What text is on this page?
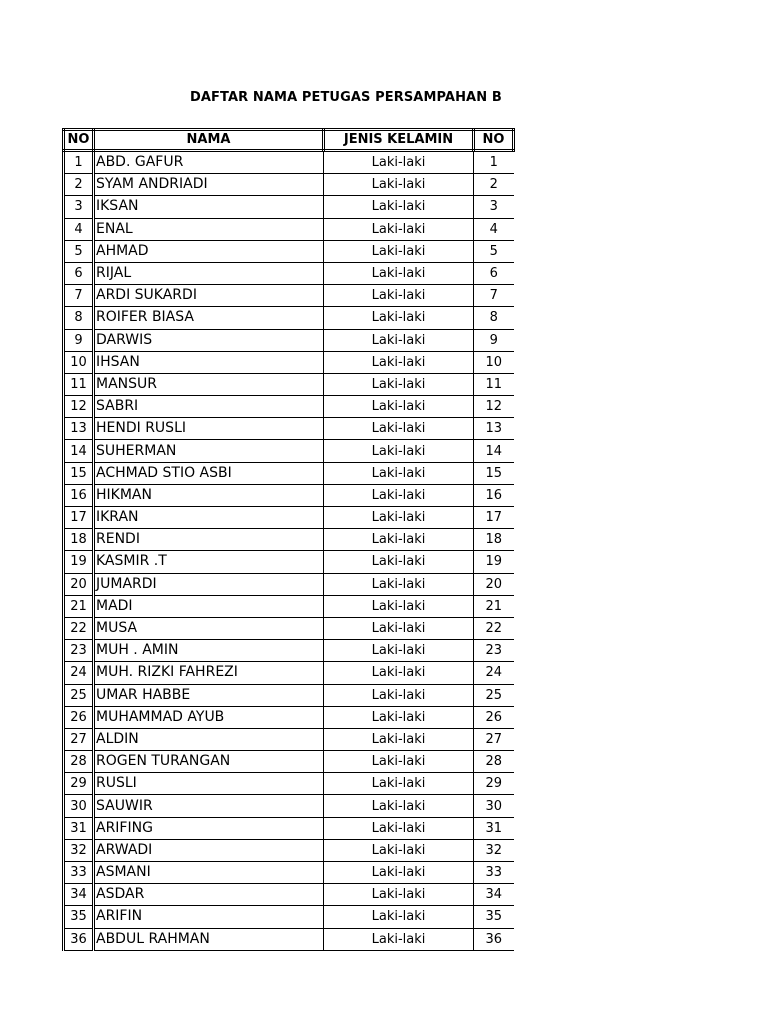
DAFTAR NAMA PETUGAS PERSAMPAHAN B
NO	NAMA	JENIS KELAMIN	NO
1	ABD. GAFUR	Laki-laki	1
2	SYAM ANDRIADI	Laki-laki	2
3	IKSAN	Laki-laki	3
4	ENAL	Laki-laki	4
5	AHMAD	Laki-laki	5
6	RIJAL	Laki-laki	6
7	ARDI SUKARDI	Laki-laki	7
8	ROIFER BIASA	Laki-laki	8
9	DARWIS	Laki-laki	9
10	IHSAN	Laki-laki	10
11	MANSUR	Laki-laki	11
12	SABRI	Laki-laki	12
13	HENDI RUSLI	Laki-laki	13
14	SUHERMAN	Laki-laki	14
15	ACHMAD STIO ASBI	Laki-laki	15
16	HIKMAN	Laki-laki	16
17	IKRAN	Laki-laki	17
18	RENDI	Laki-laki	18
19	KASMIR .T	Laki-laki	19
20	JUMARDI	Laki-laki	20
21	MADI	Laki-laki	21
22	MUSA	Laki-laki	22
23	MUH . AMIN	Laki-laki	23
24	MUH. RIZKI FAHREZI	Laki-laki	24
25	UMAR HABBE	Laki-laki	25
26	MUHAMMAD AYUB	Laki-laki	26
27	ALDIN	Laki-laki	27
28	ROGEN TURANGAN	Laki-laki	28
29	RUSLI	Laki-laki	29
30	SAUWIR	Laki-laki	30
31	ARIFING	Laki-laki	31
32	ARWADI	Laki-laki	32
33	ASMANI	Laki-laki	33
34	ASDAR	Laki-laki	34
35	ARIFIN	Laki-laki	35
36	ABDUL RAHMAN	Laki-laki	36
